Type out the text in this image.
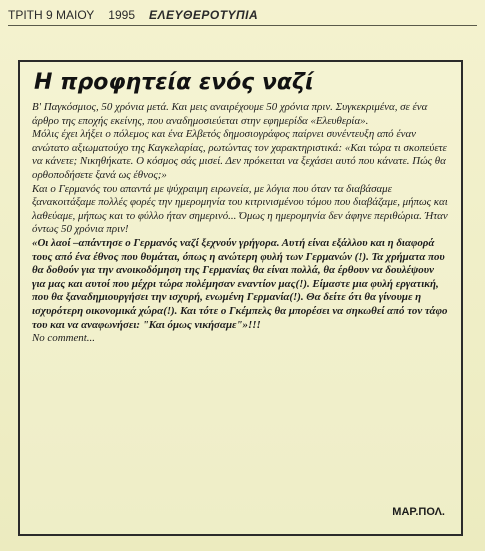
ΤΡΙΤΗ 9 ΜΑΙΟΥ 1995 ΕΛΕΥΘΕΡΟΤΥΠΙΑ
Η προφητεία ενός ναζί

Β' Παγκόσμιος, 50 χρόνια μετά. Και μεις αναιρέχουμε 50 χρόνια πριν. Συγκεκριμένα, σε ένα άρθρο της εποχής εκείνης, που αναδημοσιεύεται στην εφημερίδα «Ελευθερία».

Μόλις έχει λήξει ο πόλεμος και ένα Ελβετός δημοσιογράφος παίρνει συνέντευξη από έναν ανώτατο αξιωματούχο της Καγκελαρίας, ρωτώντας τον χαρακτηριστικά: «Και τώρα τι σκοπεύετε να κάνετε; Νικηθήκατε. Ο κόσμος σάς μισεί. Δεν πρόκειται να ξεχάσει αυτό που κάνατε. Πώς θα ορθοποδήσετε ξανά ως έθνος;»

Και ο Γερμανός του απαντά με ψύχραιμη ειρωνεία, με λόγια που όταν τα διαβάσαμε ξανακοιτάξαμε πολλές φορές την ημερομηνία του κιτρινισμένου τόμου που διαβάζαμε, μήπως και λαθεύαμε, μήπως και το φύλλο ήταν σημερινό... Όμως η ημερομηνία δεν άφηνε περιθώρια. Ήταν όντως 50 χρόνια πριν!

«Οι λαοί –απάντησε ο Γερμανός ναζί ξεχνούν γρήγορα. Αυτή είναι εξάλλου και η διαφορά τους από ένα έθνος που θυμάται, όπως η ανώτερη φυλή των Γερμανών (!). Τα χρήματα που θα δοθούν για την ανοικοδόμηση της Γερμανίας θα είναι πολλά, θα έρθουν να δουλέψουν για μας και αυτοί που μέχρι τώρα πολέμησαν εναντίον μας(!). Είμαστε μια φυλή εργατική, που θα ξαναδημιουργήσει την ισχυρή, ενωμένη Γερμανία(!). Θα δείτε ότι θα γίνουμε η ισχυρότερη οικονομικά χώρα(!). Και τότε ο Γκέμπελς θα μπορέσει να σηκωθεί από τον τάφο του και να αναφωνήσει: "Και όμως νικήσαμε"»!!!

No comment...

ΜΑΡ.ΠΟΛ.
